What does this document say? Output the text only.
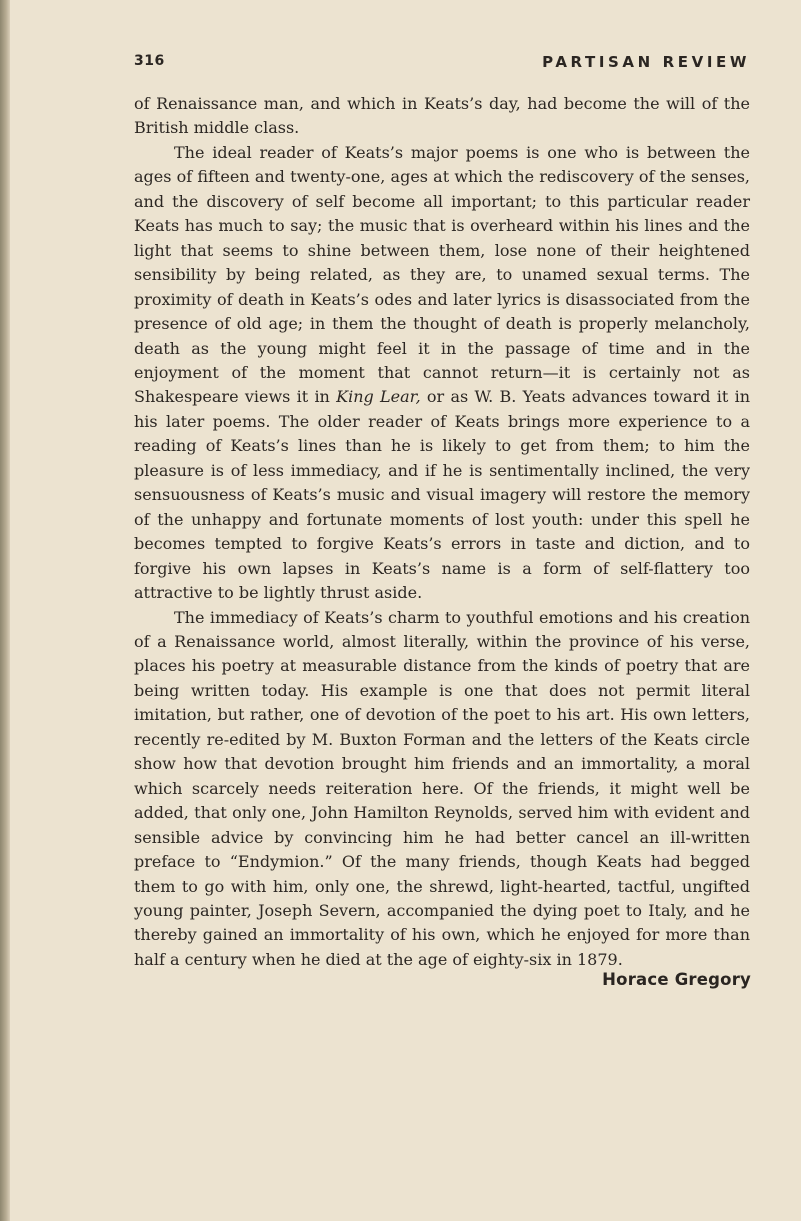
316	PARTISAN REVIEW

of Renaissance man, and which in Keats’s day, had become the will of the British middle class.

The ideal reader of Keats’s major poems is one who is between the ages of fifteen and twenty-one, ages at which the rediscovery of the senses, and the discovery of self become all important; to this particular reader Keats has much to say; the music that is overheard within his lines and the light that seems to shine between them, lose none of their heightened sensibility by being related, as they are, to unamed sexual terms. The proximity of death in Keats’s odes and later lyrics is disassociated from the presence of old age; in them the thought of death is properly melancholy, death as the young might feel it in the passage of time and in the enjoyment of the moment that cannot return—it is certainly not as Shakespeare views it in King Lear, or as W. B. Yeats advances toward it in his later poems. The older reader of Keats brings more experience to a reading of Keats’s lines than he is likely to get from them; to him the pleasure is of less immediacy, and if he is sentimentally inclined, the very sensuousness of Keats’s music and visual imagery will restore the memory of the unhappy and fortunate moments of lost youth: under this spell he becomes tempted to forgive Keats’s errors in taste and diction, and to forgive his own lapses in Keats’s name is a form of self-flattery too attractive to be lightly thrust aside.

The immediacy of Keats’s charm to youthful emotions and his creation of a Renaissance world, almost literally, within the province of his verse, places his poetry at measurable distance from the kinds of poetry that are being written today. His example is one that does not permit literal imitation, but rather, one of devotion of the poet to his art. His own letters, recently re-edited by M. Buxton Forman and the letters of the Keats circle show how that devotion brought him friends and an immortality, a moral which scarcely needs reiteration here. Of the friends, it might well be added, that only one, John Hamilton Reynolds, served him with evident and sensible advice by convincing him he had better cancel an ill-written preface to “Endymion.” Of the many friends, though Keats had begged them to go with him, only one, the shrewd, light-hearted, tactful, ungifted young painter, Joseph Severn, accompanied the dying poet to Italy, and he thereby gained an immortality of his own, which he enjoyed for more than half a century when he died at the age of eighty-six in 1879.

Horace Gregory
